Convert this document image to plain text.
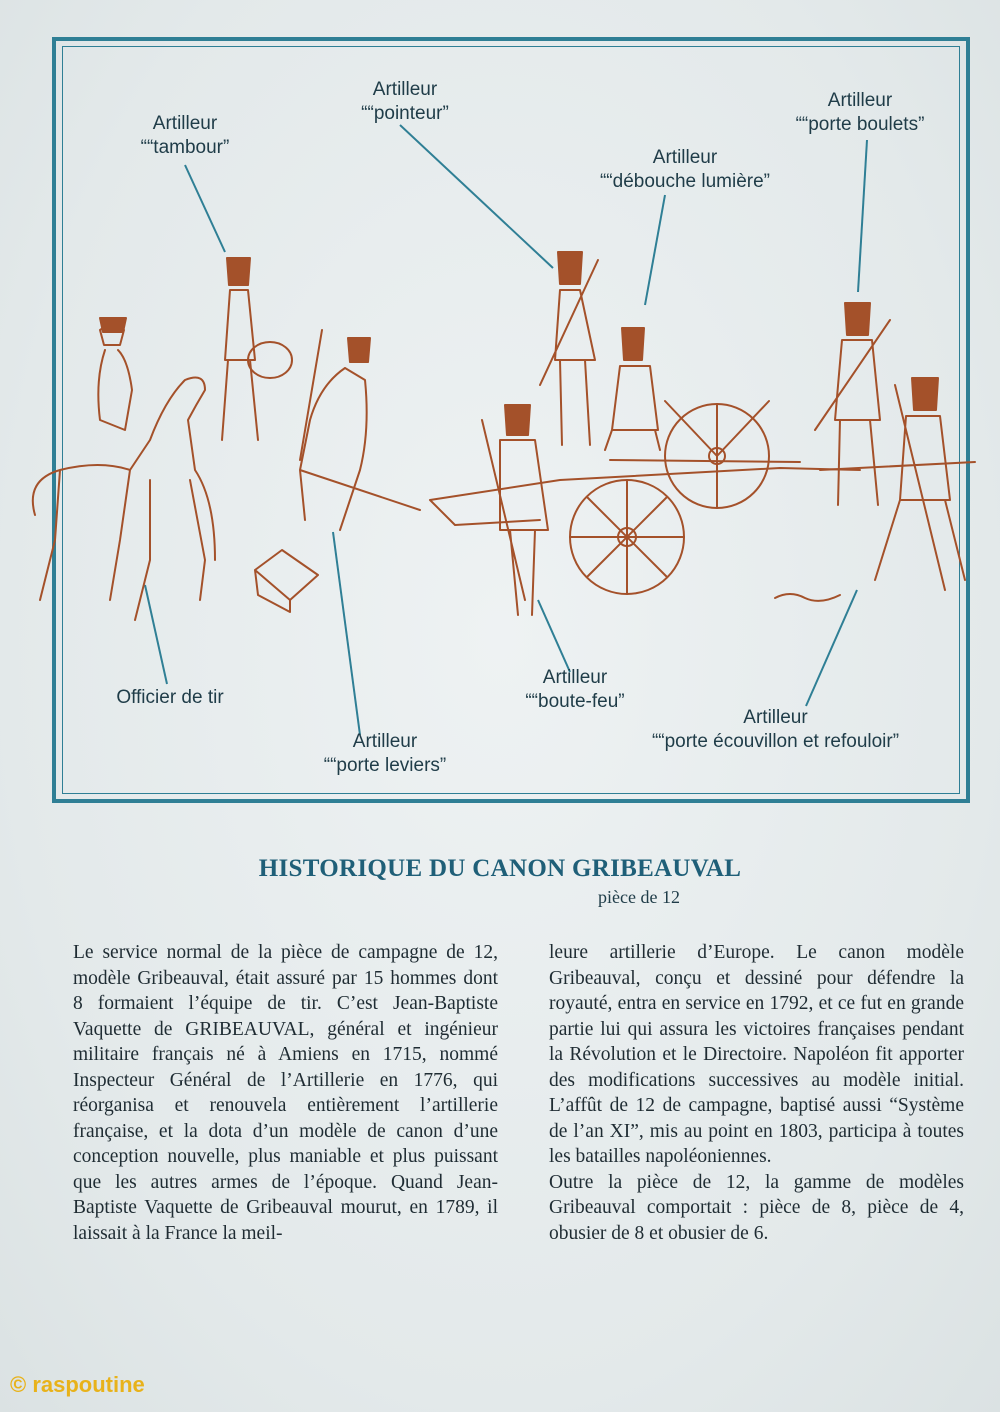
Artilleur
““tambour”
Artilleur
““pointeur”
Artilleur
““débouche lumière”
Artilleur
““porte boulets”
Officier de tir
Artilleur
““porte leviers”
Artilleur
““boute-feu”
Artilleur
““porte écouvillon et refouloir”
HISTORIQUE DU CANON GRIBEAUVAL
pièce de 12

Le service normal de la pièce de campagne de 12, modèle Gribeauval, était assuré par 15 hommes dont 8 formaient l’équipe de tir. C’est Jean-Baptiste Vaquette de GRIBEAUVAL, général et ingénieur militaire français né à Amiens en 1715, nommé Inspecteur Général de l’Artillerie en 1776, qui réorganisa et renouvela entièrement l’artillerie française, et la dota d’un modèle de canon d’une conception nouvelle, plus maniable et plus puissant que les autres armes de l’époque. Quand Jean-Baptiste Vaquette de Gribeauval mourut, en 1789, il laissait à la France la meil-

leure artillerie d’Europe. Le canon modèle Gribeauval, conçu et dessiné pour défendre la royauté, entra en service en 1792, et ce fut en grande partie lui qui assura les victoires françaises pendant la Révolution et le Directoire. Napoléon fit apporter des modifications successives au modèle initial. L’affût de 12 de campagne, baptisé aussi “Système de l’an XI”, mis au point en 1803, participa à toutes les batailles napoléoniennes.

Outre la pièce de 12, la gamme de modèles Gribeauval comportait : pièce de 8, pièce de 4, obusier de 8 et obusier de 6.

© raspoutine
